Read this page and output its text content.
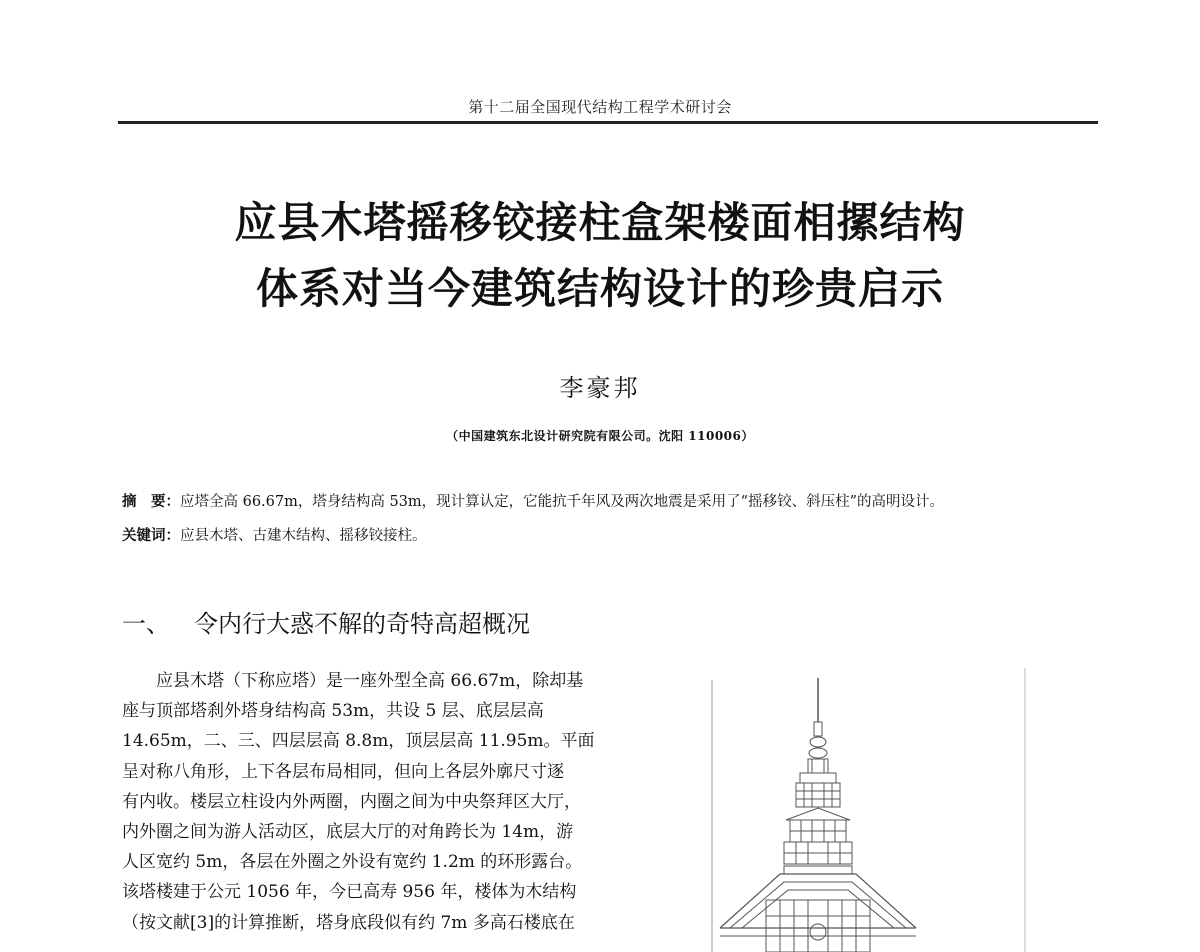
第十二届全国现代结构工程学术研讨会
应县木塔摇移铰接柱盒架楼面相摞结构
体系对当今建筑结构设计的珍贵启示
李豪邦
（中国建筑东北设计研究院有限公司。沈阳 110006）
摘　要：应塔全高 66.67m，塔身结构高 53m，现计算认定，它能抗千年风及两次地震是采用了“摇移铰、斜压柱”的高明设计。
关键词：应县木塔、古建木结构、摇移铰接柱。
一、 令内行大惑不解的奇特高超概况
　　应县木塔（下称应塔）是一座外型全高 66.67m，除却基
座与顶部塔刹外塔身结构高 53m，共设 5 层、底层层高
14.65m，二、三、四层层高 8.8m，顶层层高 11.95m。平面
呈对称八角形，上下各层布局相同，但向上各层外廓尺寸逐
有内收。楼层立柱设内外两圈，内圈之间为中央祭拜区大厅，
内外圈之间为游人活动区，底层大厅的对角跨长为 14m，游
人区宽约 5m，各层在外圈之外设有宽约 1.2m 的环形露台。
该塔楼建于公元 1056 年，今已高寿 956 年，楼体为木结构
（按文献[3]的计算推断，塔身底段似有约 7m 多高石楼底在
